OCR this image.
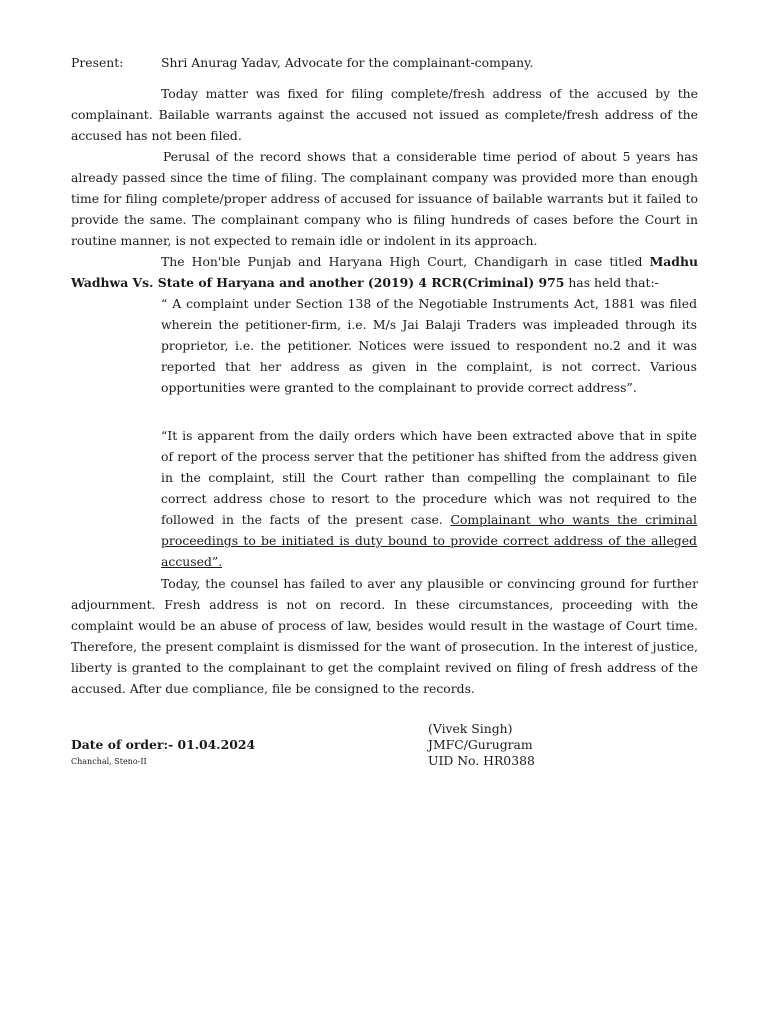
Present:	Shri Anurag Yadav, Advocate for the complainant-company.

Today matter was fixed for filing complete/fresh address of the accused by the complainant. Bailable warrants against the accused not issued as complete/fresh address of the accused has not been filed.

Perusal of the record shows that a considerable time period of about 5 years has already passed since the time of filing. The complainant company was provided more than enough time for filing complete/proper address of accused for issuance of bailable warrants but it failed to provide the same. The complainant company who is filing hundreds of cases before the Court in routine manner, is not expected to remain idle or indolent in its approach.

The Hon'ble Punjab and Haryana High Court, Chandigarh in case titled Madhu Wadhwa Vs. State of Haryana and another (2019) 4 RCR(Criminal) 975 has held that:-

“ A complaint under Section 138 of the Negotiable Instruments Act, 1881 was filed wherein the petitioner-firm, i.e. M/s Jai Balaji Traders was impleaded through its proprietor, i.e. the petitioner. Notices were issued to respondent no.2 and it was reported that her address as given in the complaint, is not correct. Various opportunities were granted to the complainant to provide correct address”.

“It is apparent from the daily orders which have been extracted above that in spite of report of the process server that the petitioner has shifted from the address given in the complaint, still the Court rather than compelling the complainant to file correct address chose to resort to the procedure which was not required to the followed in the facts of the present case. Complainant who wants the criminal proceedings to be initiated is duty bound to provide correct address of the alleged accused”.

Today, the counsel has failed to aver any plausible or convincing ground for further adjournment. Fresh address is not on record. In these circumstances, proceeding with the complaint would be an abuse of process of law, besides would result in the wastage of Court time. Therefore, the present complaint is dismissed for the want of prosecution. In the interest of justice, liberty is granted to the complainant to get the complaint revived on filing of fresh address of the accused. After due compliance, file be consigned to the records.

(Vivek Singh)
JMFC/Gurugram
UID No. HR0388
Date of order:- 01.04.2024
Chanchal, Steno-II
